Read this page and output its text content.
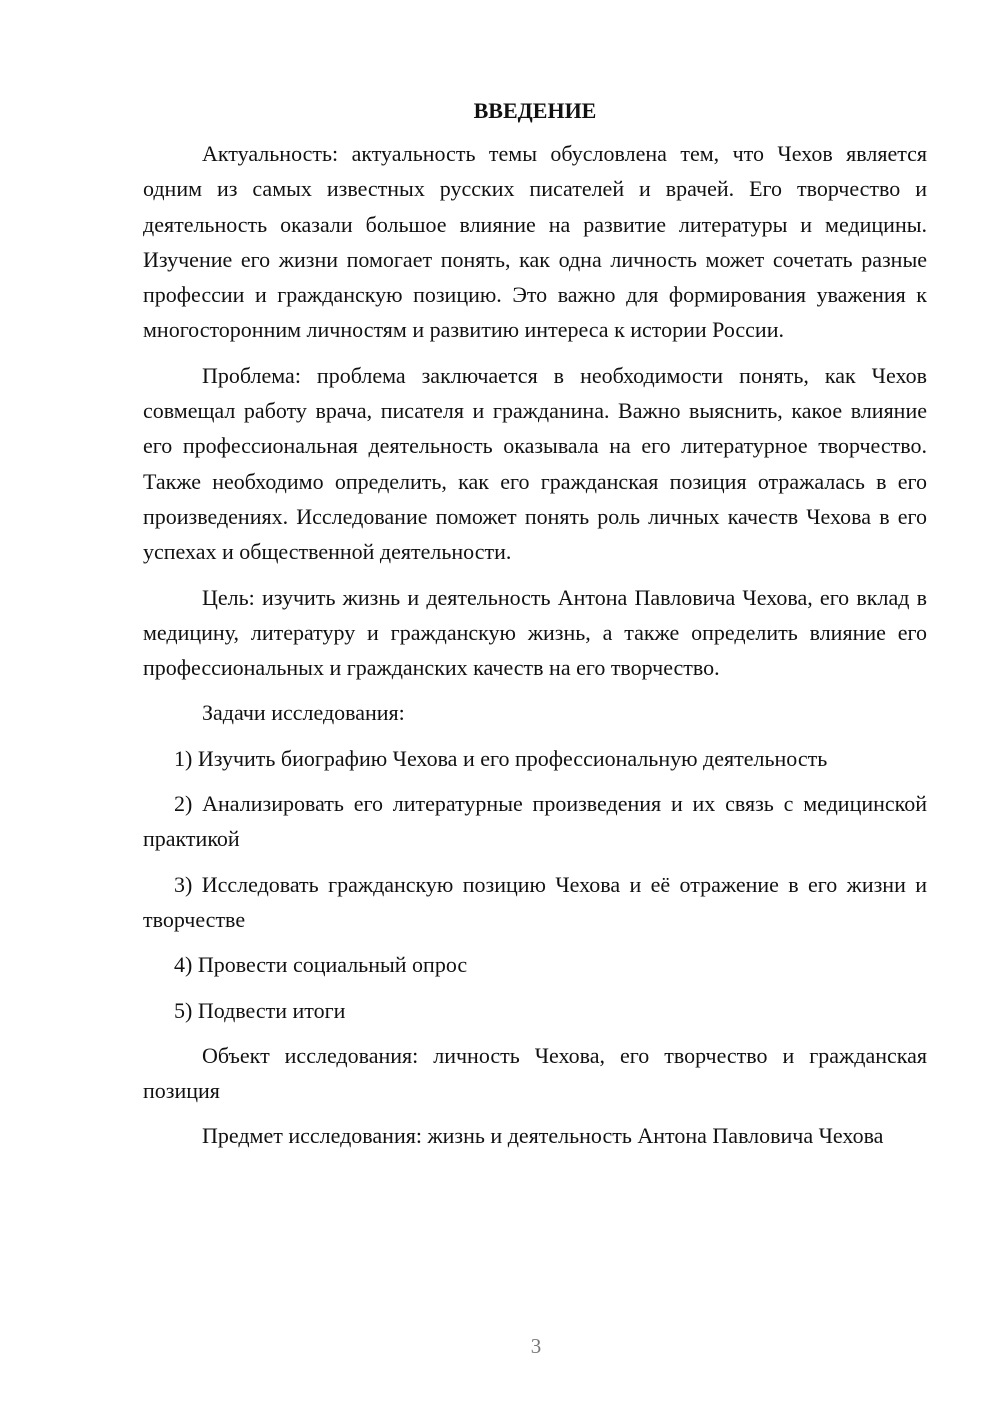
ВВЕДЕНИЕ

Актуальность: актуальность темы обусловлена тем, что Чехов является одним из самых известных русских писателей и врачей. Его творчество и деятельность оказали большое влияние на развитие литературы и медицины. Изучение его жизни помогает понять, как одна личность может сочетать разные профессии и гражданскую позицию. Это важно для формирования уважения к многосторонним личностям и развитию интереса к истории России.

Проблема: проблема заключается в необходимости понять, как Чехов совмещал работу врача, писателя и гражданина. Важно выяснить, какое влияние его профессиональная деятельность оказывала на его литературное творчество. Также необходимо определить, как его гражданская позиция отражалась в его произведениях. Исследование поможет понять роль личных качеств Чехова в его успехах и общественной деятельности.

Цель: изучить жизнь и деятельность Антона Павловича Чехова, его вклад в медицину, литературу и гражданскую жизнь, а также определить влияние его профессиональных и гражданских качеств на его творчество.

Задачи исследования:

1) Изучить биографию Чехова и его профессиональную деятельность

2) Анализировать его литературные произведения и их связь с медицинской практикой

3) Исследовать гражданскую позицию Чехова и её отражение в его жизни и творчестве

4) Провести социальный опрос

5) Подвести итоги

Объект исследования: личность Чехова, его творчество и гражданская позиция

Предмет исследования: жизнь и деятельность Антона Павловича Чехова

3
